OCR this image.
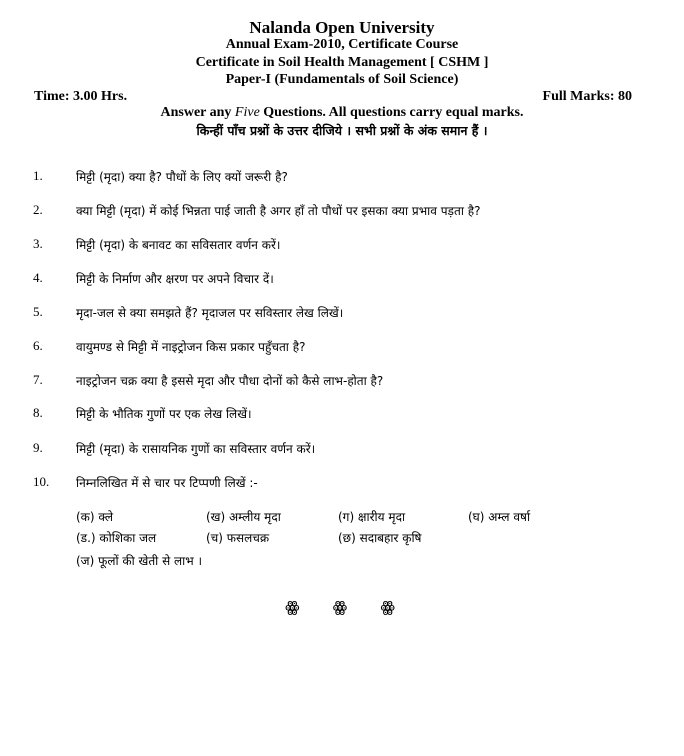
Nalanda Open University
Annual Exam-2010, Certificate Course
Certificate in Soil Health Management [ CSHM ]
Paper-I (Fundamentals of Soil Science)
Time: 3.00 Hrs.	Full Marks: 80
Answer any Five Questions. All questions carry equal marks.
किन्हीं पाँच प्रश्नों के उत्तर दीजिये । सभी प्रश्नों के अंक समान हैं ।
1.	मिट्टी (मृदा) क्या है? पौधों के लिए क्यों जरूरी है?
2.	क्या मिट्टी (मृदा) में कोई भिन्नता पाई जाती है अगर हाँ तो पौधों पर इसका क्या प्रभाव पड़ता है?
3.	मिट्टी (मृदा) के बनावट का सविसतार वर्णन करें।
4.	मिट्टी के निर्माण और क्षरण पर अपने विचार दें।
5.	मृदा-जल से क्या समझते हैं? मृदाजल पर सविस्तार लेख लिखें।
6.	वायुमण्ड से मिट्टी में नाइट्रोजन किस प्रकार पहुँचता है?
7.	नाइट्रोजन चक्र क्या है इससे मृदा और पौधा दोनों को कैसे लाभ-होता है?
8.	मिट्टी के भौतिक गुणों पर एक लेख लिखें।
9.	मिट्टी (मृदा) के रासायनिक गुणों का सविस्तार वर्णन करें।
10. निम्नलिखित में से चार पर टिप्पणी लिखें :-
(क) क्ले	(ख) अम्लीय मृदा	(ग) क्षारीय मृदा	(घ) अम्ल वर्षा
(ड.) कोशिका जल	(च) फसलचक्र	(छ) सदाबहार कृषि
(ज) फूलों की खेती से लाभ ।
ꙮ ꙮ ꙮ
